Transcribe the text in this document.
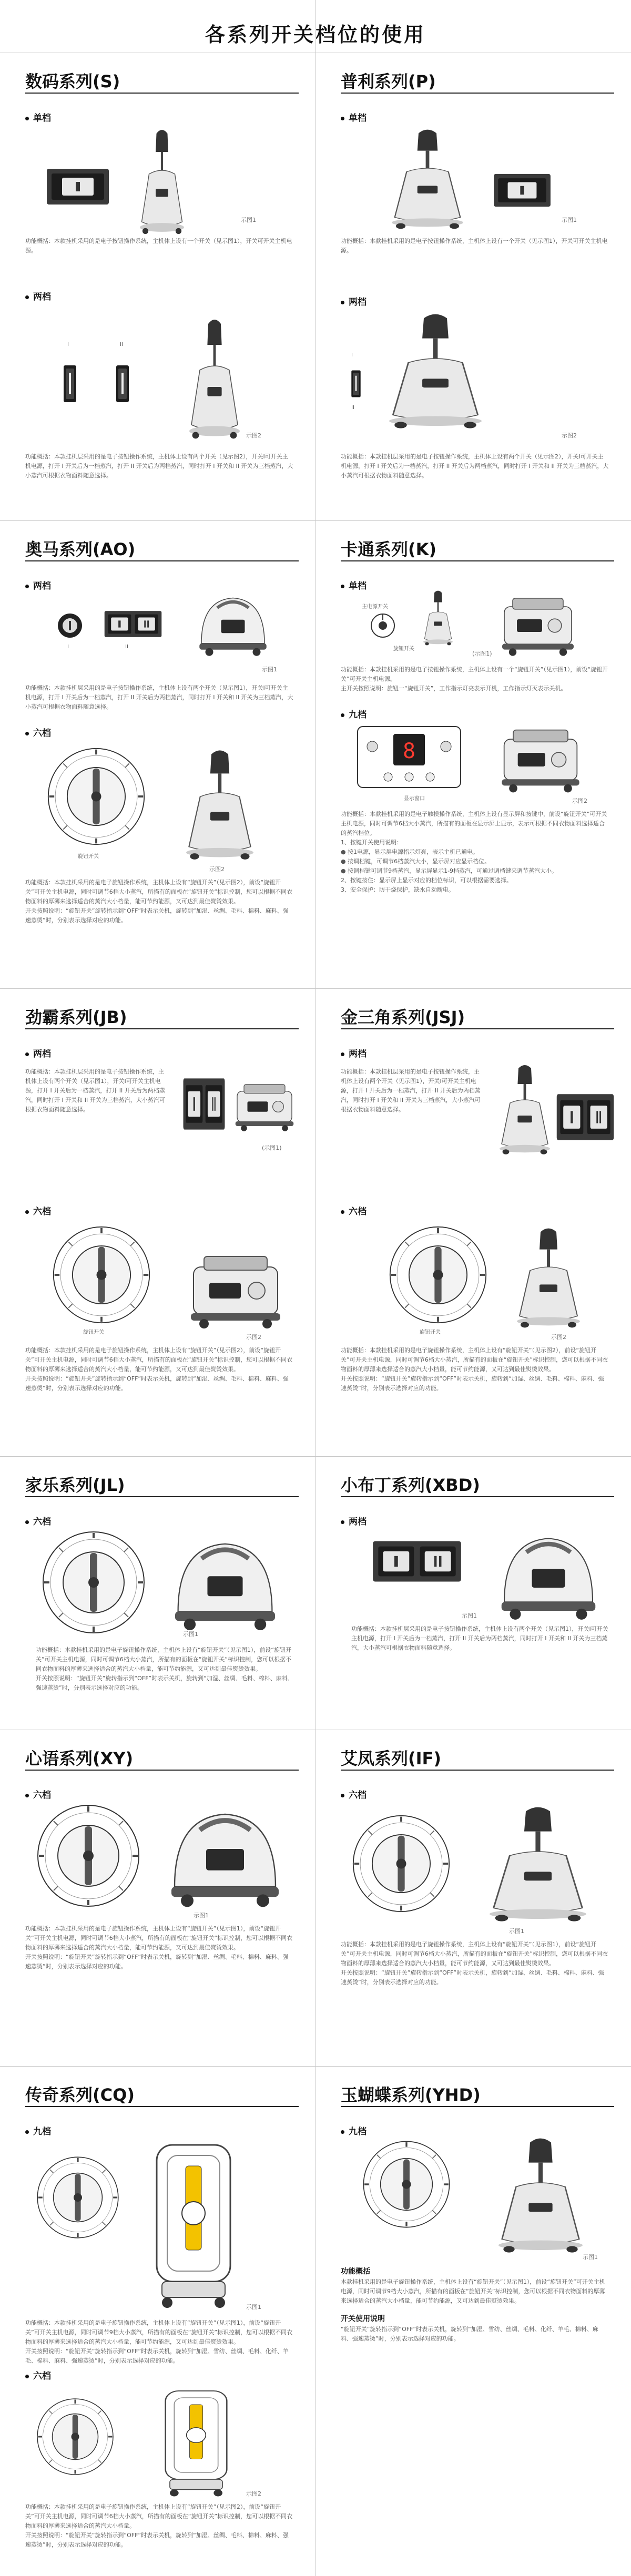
各系列开关档位的使用
数码系列(S)
单档
示图1
功能概括：本款挂机采用的是电子按钮操作系统，主机体上设有一个开关（见示图1），开关可开关主机电源。
两档
I	II
示图2
功能概括：本款挂机层采用的是电子按钮操作系统，主机体上设有两个开关（见示图2），开关I可开关主机电源，打开 I 开关后为一档蒸汽，打开 II 开关后为两档蒸汽，同时打开 I 开关和 II 开关为三档蒸汽，大小蒸汽可根据衣物面料随意选择。
普利系列(P)
单档
示图1
功能概括：本款挂机采用的是电子按钮操作系统，主机体上设有一个开关（见示图1），开关可开关主机电源。
两档
I
II
示图2
功能概括：本款挂机层采用的是电子按钮操作系统，主机体上设有两个开关（见示图2），开关I可开关主机电源，打开 I 开关后为一档蒸汽，打开 II 开关后为两档蒸汽，同时打开 I 开关和 II 开关为三档蒸汽，大小蒸汽可根据衣物面料随意选择。
奥马系列(AO)
两档
I	II
示图1
功能概括：本款挂机层采用的是电子按钮操作系统，主机体上设有两个开关（见示图1），开关I可开关主机电源，打开 I 开关后为一档蒸汽，打开 II 开关后为两档蒸汽，同时打开 I 开关和 II 开关为三档蒸汽，大小蒸汽可根据衣物面料随意选择。
六档
旋钮开关
示图2
功能概括：本款挂机采用的是电子旋钮操作系统，主机体上设有“旋钮开关”（见示图2），前设“旋钮开关”可开关主机电源，同时可调节6档大小蒸汽，所描有的面板在“旋钮开关”标识控制，您可以根据不同衣物面料的厚薄来选择适合的蒸汽大小档量，能可节约能源，又可达到最佳熨烫效果。
开关按照说明：“旋钮开关”旋转指示到“OFF”时表示关机，旋转到“加湿、丝绸、毛料、棉料、麻料、强速蒸烫”时，分别表示选择对应的功能。
卡通系列(K)
单档
主电源开关
旋钮开关
(示图1)
功能概括：本款挂机采用的是电子按钮操作系统，主机体上设有一个“旋钮开关”（见示图1），前设“旋钮开关”可开关主机电源。
主开关按照说明：旋钮一“旋钮开关”，工作指示灯亮表示开机，工作指示灯灭表示关机。
九档
8
显示窗口	示图2
功能概括：本款挂机采用的是电子触摸操作系统，主机体上设有显示屏和按键中，前设“旋钮开关”可开关主机电源，同时可调节6档大小蒸汽，所描有的面板在显示屏上显示，表示可根据不同衣物面料选择适合的蒸汽档位。
1、按键开关使用说明：
● 按1电源，显示屏电源指示灯亮，表示主机已通电。
● 按调档键，可调节6档蒸汽大小，显示屏对应显示档位。
● 按调档键可调节9档蒸汽，显示屏显示1-9档蒸汽，可通过调档键来调节蒸汽大小。
2、按键按住：显示屏上显示对应的档位标识，可以根据需要选择。
3、安全保护：防干烧保护，缺水自动断电。
劲霸系列(JB)
两档
功能概括：本款挂机层采用的是电子按钮操作系统，主机体上设有两个开关（见示图1），开关I可开关主机电源，打开 I 开关后为一档蒸汽，打开 II 开关后为两档蒸汽，同时打开 I 开关和 II 开关为三档蒸汽，大小蒸汽可根据衣物面料随意选择。
(示图1)
六档
旋钮开关
示图2
功能概括：本款挂机采用的是电子旋钮操作系统，主机体上设有“旋钮开关”（见示图2），前设“旋钮开关”可开关主机电源，同时可调节6档大小蒸汽，所描有的面板在“旋钮开关”标识控制，您可以根据不同衣物面料的厚薄来选择适合的蒸汽大小档量，能可节约能源，又可达到最佳熨烫效果。
开关按照说明：“旋钮开关”旋转指示到“OFF”时表示关机，旋转到“加湿、丝绸、毛料、棉料、麻料、强速蒸烫”时，分别表示选择对应的功能。
金三角系列(JSJ)
两档
功能概括：本款挂机层采用的是电子按钮操作系统，主机体上设有两个开关（见示图1），开关I可开关主机电源，打开 I 开关后为一档蒸汽，打开 II 开关后为两档蒸汽，同时打开 I 开关和 II 开关为三档蒸汽，大小蒸汽可根据衣物面料随意选择。
六档
旋钮开关
示图2
功能概括：本款挂机采用的是电子旋钮操作系统，主机体上设有“旋钮开关”（见示图2），前设“旋钮开关”可开关主机电源，同时可调节6档大小蒸汽，所描有的面板在“旋钮开关”标识控制，您可以根据不同衣物面料的厚薄来选择适合的蒸汽大小档量，能可节约能源，又可达到最佳熨烫效果。
开关按照说明：“旋钮开关”旋转指示到“OFF”时表示关机，旋转到“加湿、丝绸、毛料、棉料、麻料、强速蒸烫”时，分别表示选择对应的功能。
家乐系列(JL)
六档
示图1
功能概括：本款挂机采用的是电子旋钮操作系统，主机体上设有“旋钮开关”（见示图1），前设“旋钮开关”可开关主机电源，同时可调节6档大小蒸汽，所描有的面板在“旋钮开关”标识控制，您可以根据不同衣物面料的厚薄来选择适合的蒸汽大小档量，能可节约能源，又可达到最佳熨烫效果。
开关按照说明：“旋钮开关”旋转指示到“OFF”时表示关机，旋转到“加湿、丝绸、毛料、棉料、麻料、强速蒸烫”时，分别表示选择对应的功能。
小布丁系列(XBD)
两档
示图1
功能概括：本款挂机层采用的是电子按钮操作系统，主机体上设有两个开关（见示图1），开关I可开关主机电源，打开 I 开关后为一档蒸汽，打开 II 开关后为两档蒸汽，同时打开 I 开关和 II 开关为三档蒸汽，大小蒸汽可根据衣物面料随意选择。
心语系列(XY)
六档
示图1
功能概括：本款挂机采用的是电子旋钮操作系统，主机体上设有“旋钮开关”（见示图1），前设“旋钮开关”可开关主机电源，同时可调节6档大小蒸汽，所描有的面板在“旋钮开关”标识控制，您可以根据不同衣物面料的厚薄来选择适合的蒸汽大小档量，能可节约能源，又可达到最佳熨烫效果。
开关按照说明：“旋钮开关”旋转指示到“OFF”时表示关机，旋转到“加湿、丝绸、毛料、棉料、麻料、强速蒸烫”时，分别表示选择对应的功能。
艾凤系列(IF)
六档
示图1
功能概括：本款挂机采用的是电子旋钮操作系统，主机体上设有“旋钮开关”（见示图1），前设“旋钮开关”可开关主机电源，同时可调节6档大小蒸汽，所描有的面板在“旋钮开关”标识控制，您可以根据不同衣物面料的厚薄来选择适合的蒸汽大小档量，能可节约能源，又可达到最佳熨烫效果。
开关按照说明：“旋钮开关”旋转指示到“OFF”时表示关机，旋转到“加湿、丝绸、毛料、棉料、麻料、强速蒸烫”时，分别表示选择对应的功能。
传奇系列(CQ)
九档
示图1
功能概括：本款挂机采用的是电子旋钮操作系统，主机体上设有“旋钮开关”（见示图1），前设“旋钮开关”可开关主机电源，同时可调节9档大小蒸汽，所描有的面板在“旋钮开关”标识控制，您可以根据不同衣物面料的厚薄来选择适合的蒸汽大小档量，能可节约能源，又可达到最佳熨烫效果。
开关按照说明：“旋钮开关”旋转指示到“OFF”时表示关机，旋转到“加湿、雪纺、丝绸、毛料、化纤、羊毛、棉料、麻料、强速蒸烫”时，分别表示选择对应的功能。
六档
示图2
功能概括：本款挂机采用的是电子旋钮操作系统，主机体上设有“旋钮开关”（见示图2），前设“旋钮开关”可开关主机电源，同时可调节6档大小蒸汽，所描有的面板在“旋钮开关”标识控制，您可以根据不同衣物面料的厚薄来选择适合的蒸汽大小档量。
开关按照说明：“旋钮开关”旋转指示到“OFF”时表示关机，旋转到“加湿、丝绸、毛料、棉料、麻料、强速蒸烫”时，分别表示选择对应的功能。
玉蝴蝶系列(YHD)
九档
示图1
功能概括
本款挂机采用的是电子旋钮操作系统，主机体上设有“旋钮开关”（见示图1），前设“旋钮开关”可开关主机电源，同时可调节9档大小蒸汽，所描有的面板在“旋钮开关”标识控制，您可以根据不同衣物面料的厚薄来选择适合的蒸汽大小档量，能可节约能源，又可达到最佳熨烫效果。
开关使用说明
“旋钮开关”旋转指示到“OFF”时表示关机，旋转到“加湿、雪纺、丝绸、毛料、化纤、羊毛、棉料、麻料、强速蒸烫”时，分别表示选择对应的功能。
